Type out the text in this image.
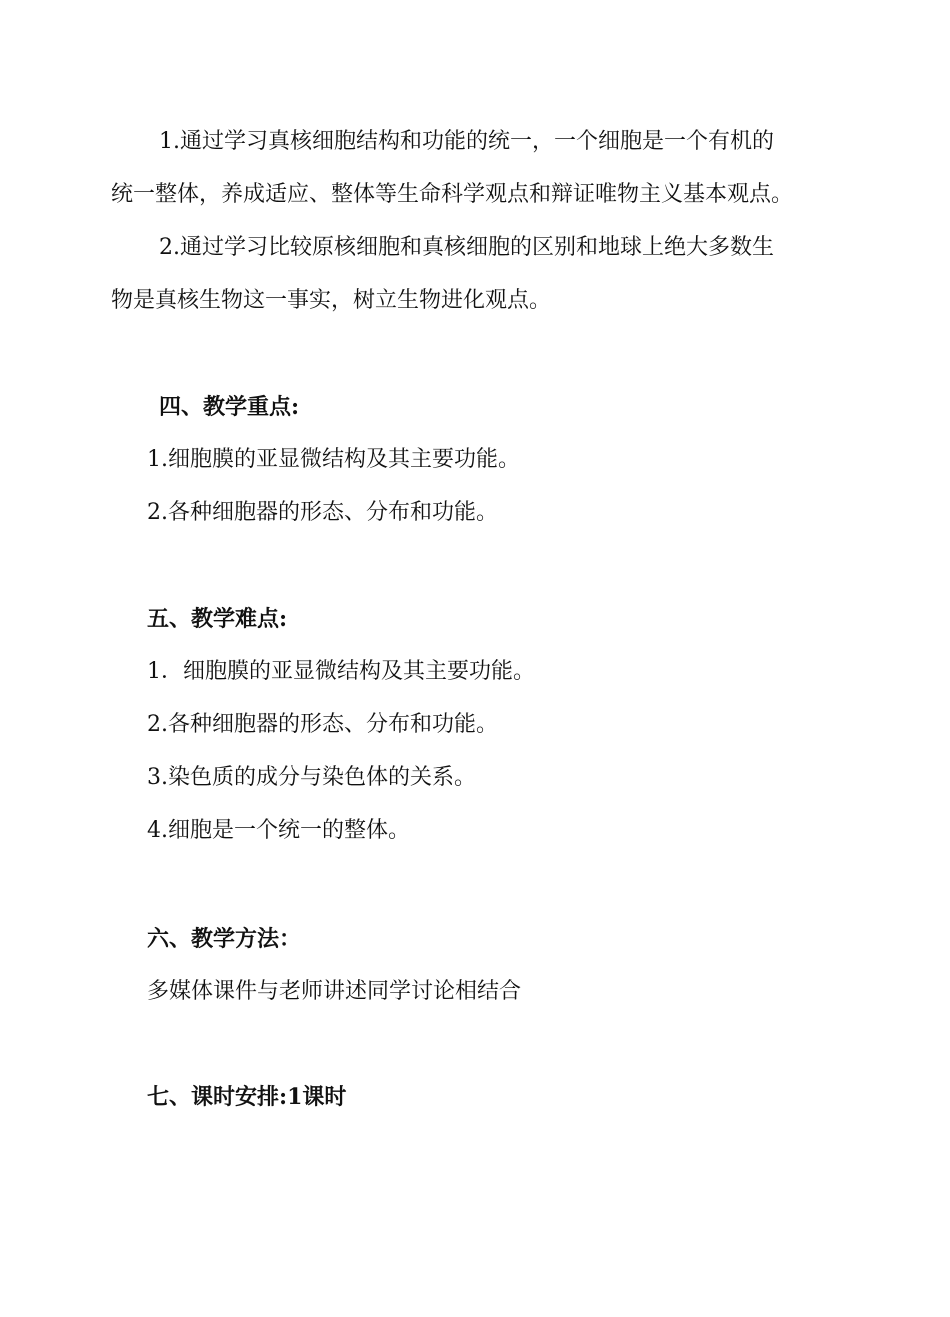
1.通过学习真核细胞结构和功能的统一，一个细胞是一个有机的
统一整体，养成适应、整体等生命科学观点和辩证唯物主义基本观点。
2.通过学习比较原核细胞和真核细胞的区别和地球上绝大多数生
物是真核生物这一事实，树立生物进化观点。
四、教学重点:
1.细胞膜的亚显微结构及其主要功能。
2.各种细胞器的形态、分布和功能。
五、教学难点:
1．细胞膜的亚显微结构及其主要功能。
2.各种细胞器的形态、分布和功能。
3.染色质的成分与染色体的关系。
4.细胞是一个统一的整体。
六、教学方法：
多媒体课件与老师讲述同学讨论相结合
七、课时安排:1课时
